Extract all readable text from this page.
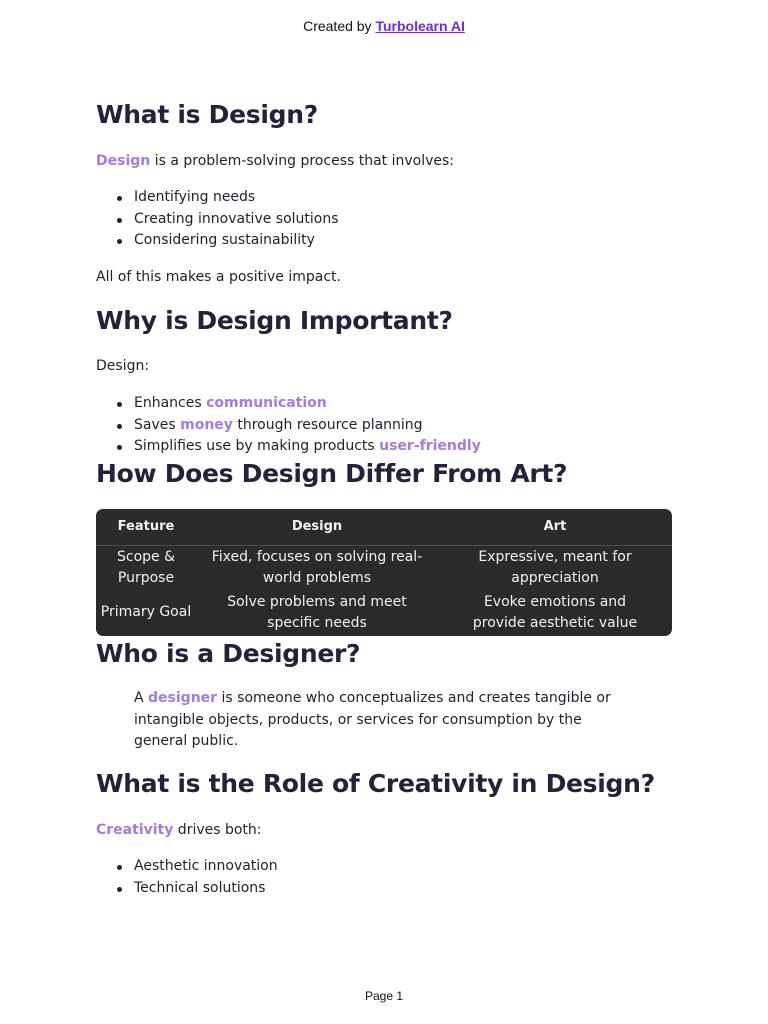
Created by Turbolearn AI
What is Design?

Design is a problem-solving process that involves:

Identifying needs
Creating innovative solutions
Considering sustainability

All of this makes a positive impact.

Why is Design Important?

Design:

Enhances communication
Saves money through resource planning
Simplifies use by making products user-friendly
How Does Design Differ From Art?
Feature	Design	Art
Scope & Purpose	Fixed, focuses on solving real-world problems	Expressive, meant for appreciation
Primary Goal	Solve problems and meet specific needs	Evoke emotions and provide aesthetic value
Who is a Designer?

A designer is someone who conceptualizes and creates tangible or intangible objects, products, or services for consumption by the general public.

What is the Role of Creativity in Design?

Creativity drives both:

Aesthetic innovation
Technical solutions
Page 1
